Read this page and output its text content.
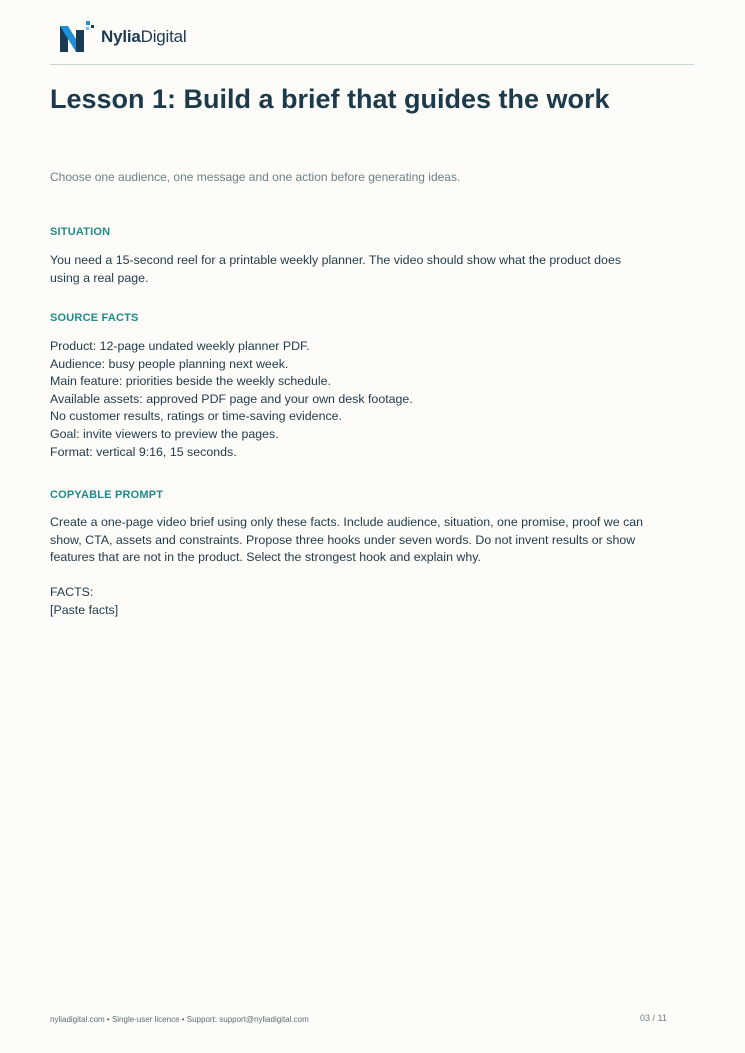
NyliaDigital
Lesson 1: Build a brief that guides the work
Choose one audience, one message and one action before generating ideas.
SITUATION

You need a 15-second reel for a printable weekly planner. The video should show what the product does
using a real page.

SOURCE FACTS

Product: 12-page undated weekly planner PDF.
Audience: busy people planning next week.
Main feature: priorities beside the weekly schedule.
Available assets: approved PDF page and your own desk footage.
No customer results, ratings or time-saving evidence.
Goal: invite viewers to preview the pages.
Format: vertical 9:16, 15 seconds.

COPYABLE PROMPT

Create a one-page video brief using only these facts. Include audience, situation, one promise, proof we can
show, CTA, assets and constraints. Propose three hooks under seven words. Do not invent results or show
features that are not in the product. Select the strongest hook and explain why.

FACTS:
[Paste facts]

nyliadigital.com • Single-user licence • Support: support@nyliadigital.com	03 / 11
